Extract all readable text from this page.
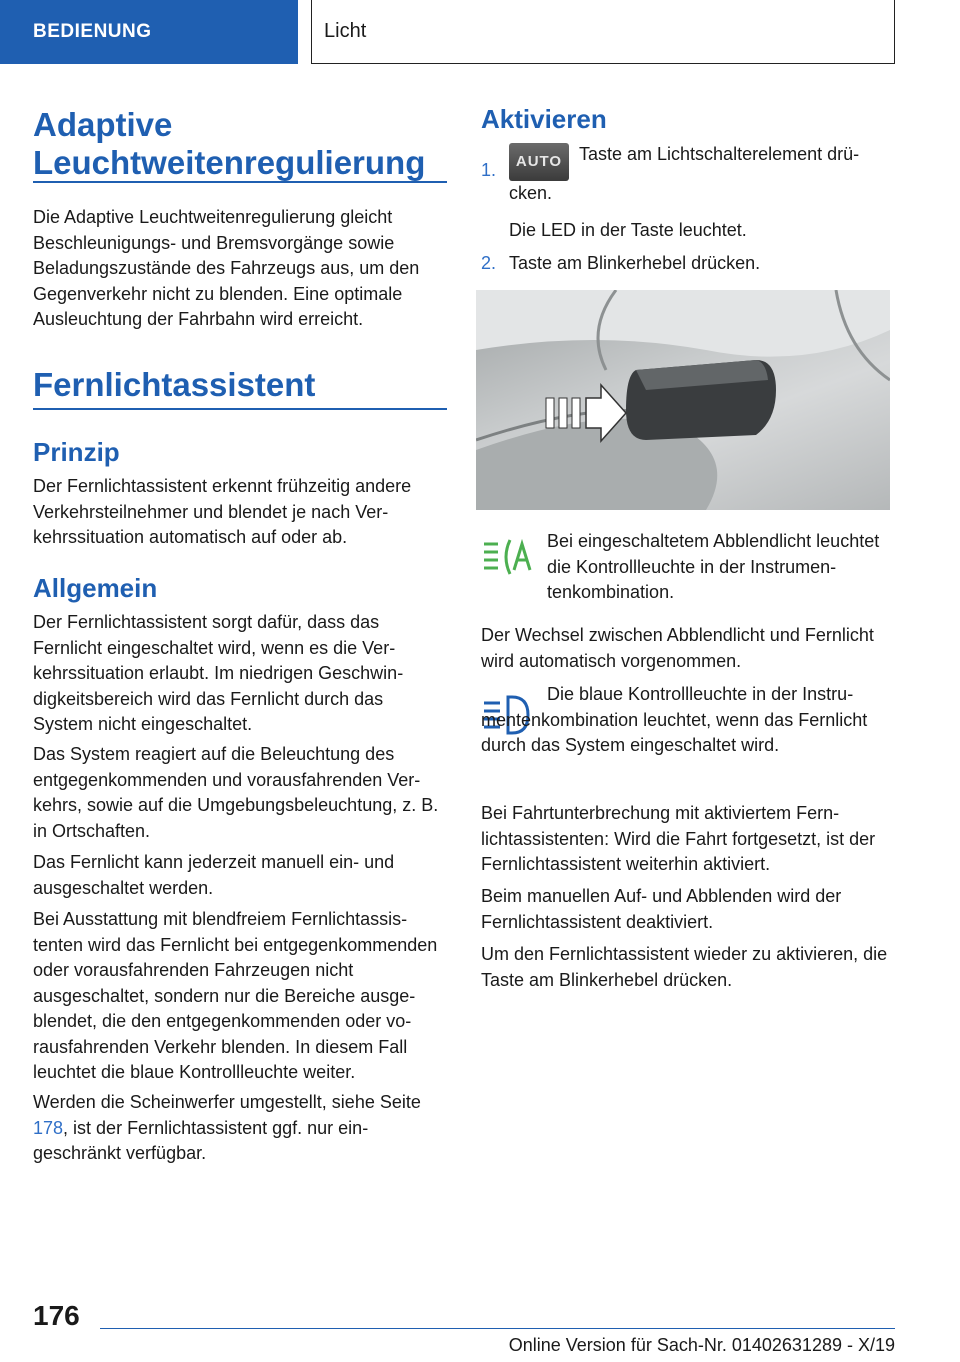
BEDIENUNG	Licht
Adaptive
Leuchtweitenregulierung

Die Adaptive Leuchtweitenregulierung gleicht Beschleunigungs- und Bremsvorgänge sowie Beladungszustände des Fahrzeugs aus, um den Gegenverkehr nicht zu blenden. Eine optimale Ausleuchtung der Fahrbahn wird erreicht.

Fernlichtassistent
Prinzip

Der Fernlichtassistent erkennt frühzeitig andere Verkehrsteilnehmer und blendet je nach Verkehrssituation automatisch auf oder ab.

Allgemein

Der Fernlichtassistent sorgt dafür, dass das Fernlicht eingeschaltet wird, wenn es die Verkehrssituation erlaubt. Im niedrigen Geschwindigkeitsbereich wird das Fernlicht durch das System nicht eingeschaltet.

Das System reagiert auf die Beleuchtung des entgegenkommenden und vorausfahrenden Verkehrs, sowie auf die Umgebungsbeleuchtung, z. B. in Ortschaften.

Das Fernlicht kann jederzeit manuell ein- und ausgeschaltet werden.

Bei Ausstattung mit blendfreiem Fernlichtassistenten wird das Fernlicht bei entgegenkommenden oder vorausfahrenden Fahrzeugen nicht ausgeschaltet, sondern nur die Bereiche ausgeblendet, die den entgegenkommenden oder vorausfahrenden Verkehr blenden. In diesem Fall leuchtet die blaue Kontrollleuchte weiter.

Werden die Scheinwerfer umgestellt, siehe Seite 178, ist der Fernlichtassistent ggf. nur eingeschränkt verfügbar.

Aktivieren
1.	AUTO Taste am Lichtschalterelement drücken.

Die LED in der Taste leuchtet.

2. Taste am Blinkerhebel drücken.

Bei eingeschaltetem Abblendlicht leuchtet die Kontrollleuchte in der Instrumentenkombination.

Der Wechsel zwischen Abblendlicht und Fernlicht wird automatisch vorgenommen.

Die blaue Kontrollleuchte in der Instrumentenkombination leuchtet, wenn das Fernlicht durch das System eingeschaltet wird.

Bei Fahrtunterbrechung mit aktiviertem Fernlichtassistenten: Wird die Fahrt fortgesetzt, ist der Fernlichtassistent weiterhin aktiviert.

Beim manuellen Auf- und Abblenden wird der Fernlichtassistent deaktiviert.

Um den Fernlichtassistent wieder zu aktivieren, die Taste am Blinkerhebel drücken.

176
Online Version für Sach-Nr. 01402631289 - X/19
